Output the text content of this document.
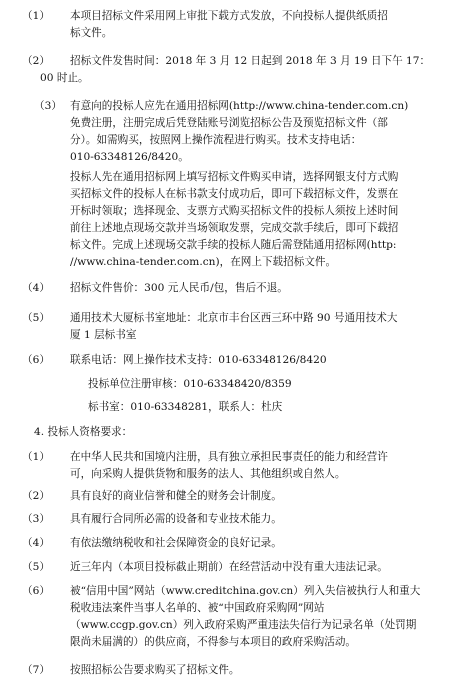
（1） 本项目招标文件采用网上审批下载方式发放，不向投标人提供纸质招
标文件。
（2） 招标文件发售时间：2018 年 3 月 12 日起到 2018 年 3 月 19 日下午 17：
00 时止。
（3） 有意向的投标人应先在通用招标网(http://www.china-tender.com.cn)
免费注册，注册完成后凭登陆账号浏览招标公告及预览招标文件（部
分）。如需购买，按照网上操作流程进行购买。技术支持电话：
010-63348126/8420。
投标人先在通用招标网上填写招标文件购买申请，选择网银支付方式购
买招标文件的投标人在标书款支付成功后，即可下载招标文件，发票在
开标时领取；选择现金、支票方式购买招标文件的投标人须按上述时间
前往上述地点现场交款并当场领取发票，完成交款手续后，即可下载招
标文件。完成上述现场交款手续的投标人随后需登陆通用招标网(http:
//www.china-tender.com.cn)，在网上下载招标文件。
（4） 招标文件售价：300 元人民币/包，售后不退。
（5） 通用技术大厦标书室地址：北京市丰台区西三环中路 90 号通用技术大
厦 1 层标书室
（6） 联系电话：网上操作技术支持：010-63348126/8420
投标单位注册审核：010-63348420/8359
标书室：010-63348281，联系人：杜庆
4. 投标人资格要求：
（1） 在中华人民共和国境内注册，具有独立承担民事责任的能力和经营许
可，向采购人提供货物和服务的法人、其他组织或自然人。
（2） 具有良好的商业信誉和健全的财务会计制度。
（3） 具有履行合同所必需的设备和专业技术能力。
（4） 有依法缴纳税收和社会保障资金的良好记录。
（5） 近三年内（本项目投标截止期前）在经营活动中没有重大违法记录。
（6） 被“信用中国”网站（www.creditchina.gov.cn）列入失信被执行人和重大
税收违法案件当事人名单的、被“中国政府采购网”网站
（www.ccgp.gov.cn）列入政府采购严重违法失信行为记录名单（处罚期
限尚未届满的）的供应商，不得参与本项目的政府采购活动。
（7） 按照招标公告要求购买了招标文件。
